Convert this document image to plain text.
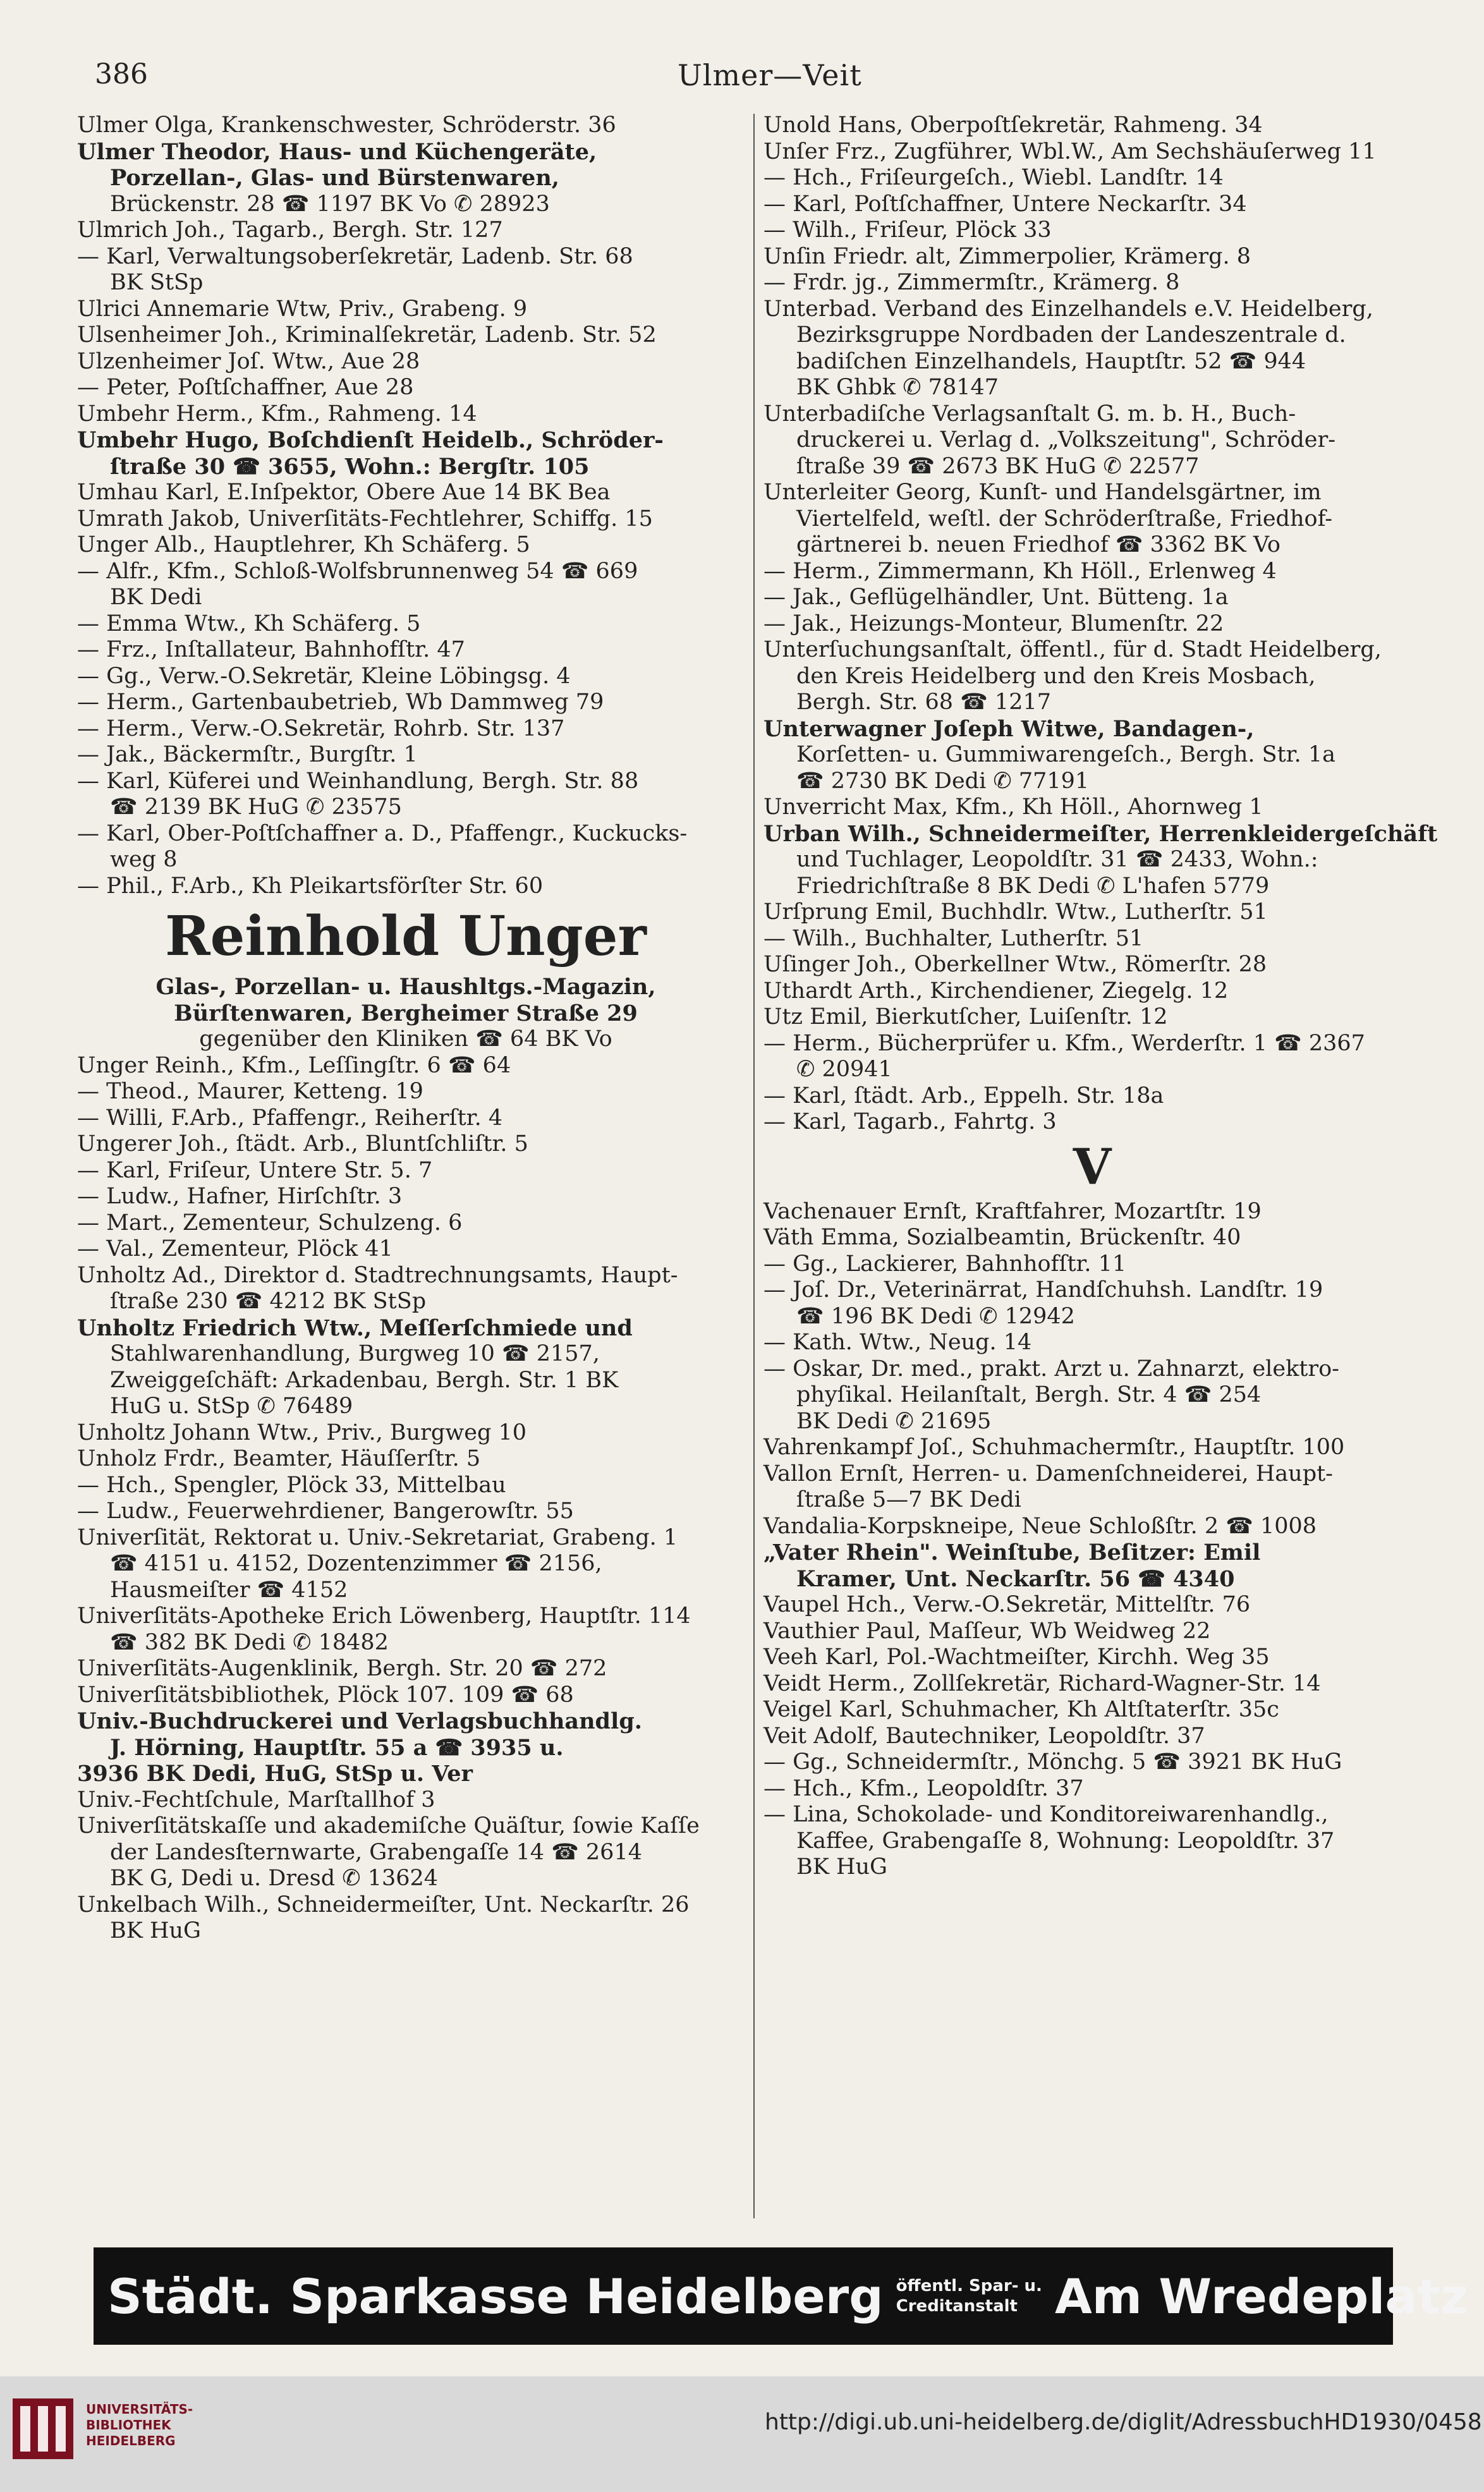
386	Ulmer—Veit
Ulmer Olga, Krankenschwester, Schröderstr. 36
Ulmer Theodor, Haus- und Küchengeräte,
Porzellan-, Glas- und Bürstenwaren,
Brückenstr. 28 ☎ 1197 BK Vo ✆ 28923
Ulmrich Joh., Tagarb., Bergh. Str. 127
— Karl, Verwaltungsoberſekretär, Ladenb. Str. 68
BK StSp
Ulrici Annemarie Wtw, Priv., Grabeng. 9
Ulsenheimer Joh., Kriminalſekretär, Ladenb. Str. 52
Ulzenheimer Joſ. Wtw., Aue 28
— Peter, Poſtſchaffner, Aue 28
Umbehr Herm., Kfm., Rahmeng. 14
Umbehr Hugo, Boſchdienſt Heidelb., Schröder-
ſtraße 30 ☎ 3655, Wohn.: Bergſtr. 105
Umhau Karl, E.Inſpektor, Obere Aue 14 BK Bea
Umrath Jakob, Univerſitäts-Fechtlehrer, Schiffg. 15
Unger Alb., Hauptlehrer, Kh Schäferg. 5
— Alfr., Kfm., Schloß-Wolfsbrunnenweg 54 ☎ 669
BK Dedi
— Emma Wtw., Kh Schäferg. 5
— Frz., Inſtallateur, Bahnhofſtr. 47
— Gg., Verw.-O.Sekretär, Kleine Löbingsg. 4
— Herm., Gartenbaubetrieb, Wb Dammweg 79
— Herm., Verw.-O.Sekretär, Rohrb. Str. 137
— Jak., Bäckermſtr., Burgſtr. 1
— Karl, Küferei und Weinhandlung, Bergh. Str. 88
☎ 2139 BK HuG ✆ 23575
— Karl, Ober-Poſtſchaffner a. D., Pfaffengr., Kuckucks-
weg 8
— Phil., F.Arb., Kh Pleikartsförſter Str. 60
Reinhold Unger
Glas-, Porzellan- u. Haushltgs.-Magazin,
Bürſtenwaren, Bergheimer Straße 29
gegenüber den Kliniken ☎ 64 BK Vo
Unger Reinh., Kfm., Leſſingſtr. 6 ☎ 64
— Theod., Maurer, Ketteng. 19
— Willi, F.Arb., Pfaffengr., Reiherſtr. 4
Ungerer Joh., ſtädt. Arb., Bluntſchliſtr. 5
— Karl, Friſeur, Untere Str. 5. 7
— Ludw., Hafner, Hirſchſtr. 3
— Mart., Zementeur, Schulzeng. 6
— Val., Zementeur, Plöck 41
Unholtz Ad., Direktor d. Stadtrechnungsamts, Haupt-
ſtraße 230 ☎ 4212 BK StSp
Unholtz Friedrich Wtw., Meſſerſchmiede und
Stahlwarenhandlung, Burgweg 10 ☎ 2157,
Zweiggeſchäft: Arkadenbau, Bergh. Str. 1 BK
HuG u. StSp ✆ 76489
Unholtz Johann Wtw., Priv., Burgweg 10
Unholz Frdr., Beamter, Häuſſerſtr. 5
— Hch., Spengler, Plöck 33, Mittelbau
— Ludw., Feuerwehrdiener, Bangerowſtr. 55
Univerſität, Rektorat u. Univ.-Sekretariat, Grabeng. 1
☎ 4151 u. 4152, Dozentenzimmer ☎ 2156,
Hausmeiſter ☎ 4152
Univerſitäts-Apotheke Erich Löwenberg, Hauptſtr. 114
☎ 382 BK Dedi ✆ 18482
Univerſitäts-Augenklinik, Bergh. Str. 20 ☎ 272
Univerſitätsbibliothek, Plöck 107. 109 ☎ 68
Univ.-Buchdruckerei und Verlagsbuchhandlg.
J. Hörning, Hauptſtr. 55 a ☎ 3935 u.
3936 BK Dedi, HuG, StSp u. Ver
Univ.-Fechtſchule, Marſtallhof 3
Univerſitätskaſſe und akademiſche Quäſtur, ſowie Kaſſe
der Landesſternwarte, Grabengaſſe 14 ☎ 2614
BK G, Dedi u. Dresd ✆ 13624
Unkelbach Wilh., Schneidermeiſter, Unt. Neckarſtr. 26
BK HuG
Unold Hans, Oberpoſtſekretär, Rahmeng. 34
Unſer Frz., Zugführer, Wbl.W., Am Sechshäuſerweg 11
— Hch., Friſeurgeſch., Wiebl. Landſtr. 14
— Karl, Poſtſchaffner, Untere Neckarſtr. 34
— Wilh., Friſeur, Plöck 33
Unſin Friedr. alt, Zimmerpolier, Krämerg. 8
— Frdr. jg., Zimmermſtr., Krämerg. 8
Unterbad. Verband des Einzelhandels e.V. Heidelberg,
Bezirksgruppe Nordbaden der Landeszentrale d.
badiſchen Einzelhandels, Hauptſtr. 52 ☎ 944
BK Ghbk ✆ 78147
Unterbadiſche Verlagsanſtalt G. m. b. H., Buch-
druckerei u. Verlag d. „Volkszeitung", Schröder-
ſtraße 39 ☎ 2673 BK HuG ✆ 22577
Unterleiter Georg, Kunſt- und Handelsgärtner, im
Viertelfeld, weſtl. der Schröderſtraße, Friedhof-
gärtnerei b. neuen Friedhof ☎ 3362 BK Vo
— Herm., Zimmermann, Kh Höll., Erlenweg 4
— Jak., Geflügelhändler, Unt. Bütteng. 1a
— Jak., Heizungs-Monteur, Blumenſtr. 22
Unterſuchungsanſtalt, öffentl., für d. Stadt Heidelberg,
den Kreis Heidelberg und den Kreis Mosbach,
Bergh. Str. 68 ☎ 1217
Unterwagner Joſeph Witwe, Bandagen-,
Korſetten- u. Gummiwarengeſch., Bergh. Str. 1a
☎ 2730 BK Dedi ✆ 77191
Unverricht Max, Kfm., Kh Höll., Ahornweg 1
Urban Wilh., Schneidermeiſter, Herrenkleidergeſchäft
und Tuchlager, Leopoldſtr. 31 ☎ 2433, Wohn.:
Friedrichſtraße 8 BK Dedi ✆ L'hafen 5779
Urſprung Emil, Buchhdlr. Wtw., Lutherſtr. 51
— Wilh., Buchhalter, Lutherſtr. 51
Uſinger Joh., Oberkellner Wtw., Römerſtr. 28
Uthardt Arth., Kirchendiener, Ziegelg. 12
Utz Emil, Bierkutſcher, Luiſenſtr. 12
— Herm., Bücherprüfer u. Kfm., Werderſtr. 1 ☎ 2367
✆ 20941
— Karl, ſtädt. Arb., Eppelh. Str. 18a
— Karl, Tagarb., Fahrtg. 3
V
Vachenauer Ernſt, Kraftfahrer, Mozartſtr. 19
Väth Emma, Sozialbeamtin, Brückenſtr. 40
— Gg., Lackierer, Bahnhofſtr. 11
— Joſ. Dr., Veterinärrat, Handſchuhsh. Landſtr. 19
☎ 196 BK Dedi ✆ 12942
— Kath. Wtw., Neug. 14
— Oskar, Dr. med., prakt. Arzt u. Zahnarzt, elektro-
phyſikal. Heilanſtalt, Bergh. Str. 4 ☎ 254
BK Dedi ✆ 21695
Vahrenkampf Joſ., Schuhmachermſtr., Hauptſtr. 100
Vallon Ernſt, Herren- u. Damenſchneiderei, Haupt-
ſtraße 5—7 BK Dedi
Vandalia-Korpskneipe, Neue Schloßſtr. 2 ☎ 1008
„Vater Rhein". Weinſtube, Beſitzer: Emil
Kramer, Unt. Neckarſtr. 56 ☎ 4340
Vaupel Hch., Verw.-O.Sekretär, Mittelſtr. 76
Vauthier Paul, Maſſeur, Wb Weidweg 22
Veeh Karl, Pol.-Wachtmeiſter, Kirchh. Weg 35
Veidt Herm., Zollſekretär, Richard-Wagner-Str. 14
Veigel Karl, Schuhmacher, Kh Altſtaterſtr. 35c
Veit Adolf, Bautechniker, Leopoldſtr. 37
— Gg., Schneidermſtr., Mönchg. 5 ☎ 3921 BK HuG
— Hch., Kfm., Leopoldſtr. 37
— Lina, Schokolade- und Konditoreiwarenhandlg.,
Kaffee, Grabengaſſe 8, Wohnung: Leopoldſtr. 37
BK HuG
Städt. Sparkasse Heidelberg öffentl. Spar- u.
Creditanstalt Am Wredeplatz
UNIVERSITÄTS-
BIBLIOTHEK
HEIDELBERG
http://digi.ub.uni-heidelberg.de/diglit/AdressbuchHD1930/0458
